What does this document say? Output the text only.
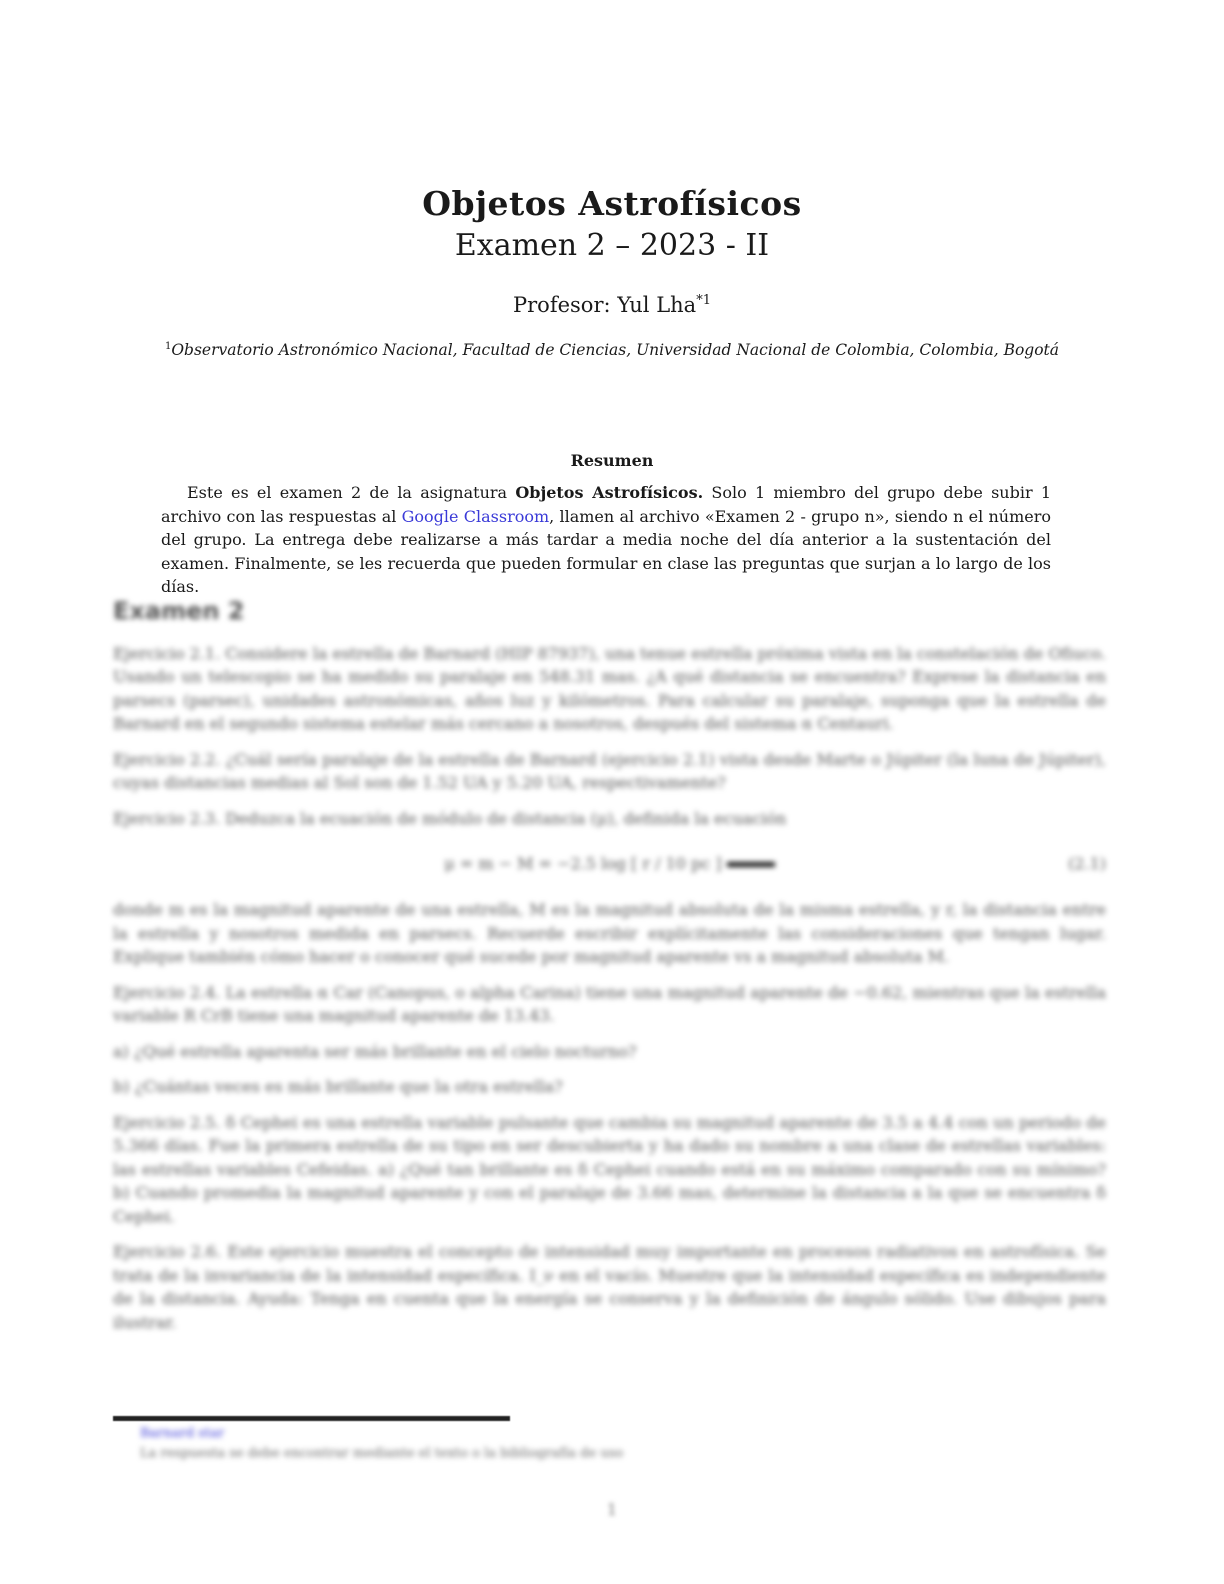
Objetos Astrofísicos
Examen 2 – 2023 - II
Profesor: Yul Lha$^{*1}$
$^1$Observatorio Astronómico Nacional, Facultad de Ciencias, Universidad Nacional de Colombia, Colombia, Bogotá
Resumen
Este es el examen 2 de la asignatura Objetos Astrofísicos. Solo 1 miembro del grupo debe subir 1 archivo con las respuestas al Google Classroom, llamen al archivo «Examen 2 - grupo n», siendo n el número del grupo. La entrega debe realizarse a más tardar a media noche del día anterior a la sustentación del examen. Finalmente, se les recuerda que pueden formular en clase las preguntas que surjan a lo largo de los días.
Examen 2

Ejercicio 2.1. Considere la estrella de Barnard (HIP 87937), una tenue estrella próxima vista en la constelación de Ofiuco. Usando un telescopio se ha medido su paralaje en 548.31 mas. ¿A qué distancia se encuentra? Exprese la distancia en parsecs (parsec), unidades astronómicas, años luz y kilómetros. Para calcular su paralaje, suponga que la estrella de Barnard en el segundo sistema estelar más cercano a nosotros, después del sistema α Centauri.

Ejercicio 2.2. ¿Cuál sería paralaje de la estrella de Barnard (ejercicio 2.1) vista desde Marte o Júpiter (la luna de Júpiter), cuyas distancias medias al Sol son de 1.52 UA y 5.20 UA, respectivamente?

Ejercicio 2.3. Deduzca la ecuación de módulo de distancia (μ), definida la ecuación

μ = m − M = −2.5 log [ r / 10 pc ]	(2.1)

donde m es la magnitud aparente de una estrella, M es la magnitud absoluta de la misma estrella, y r, la distancia entre la estrella y nosotros medida en parsecs. Recuerde escribir explícitamente las consideraciones que tengan lugar. Explique también cómo hacer o conocer qué sucede por magnitud aparente vs a magnitud absoluta M.

Ejercicio 2.4. La estrella α Car (Canopus, o alpha Carina) tiene una magnitud aparente de −0.62, mientras que la estrella variable R CrB tiene una magnitud aparente de 13.43.

a) ¿Qué estrella aparenta ser más brillante en el cielo nocturno?

b) ¿Cuántas veces es más brillante que la otra estrella?

Ejercicio 2.5. δ Cephei es una estrella variable pulsante que cambia su magnitud aparente de 3.5 a 4.4 con un periodo de 5.366 días. Fue la primera estrella de su tipo en ser descubierta y ha dado su nombre a una clase de estrellas variables: las estrellas variables Cefeidas. a) ¿Qué tan brillante es δ Cephei cuando está en su máximo comparado con su mínimo? b) Cuando promedia la magnitud aparente y con el paralaje de 3.66 mas, determine la distancia a la que se encuentra δ Cephei.

Ejercicio 2.6. Este ejercicio muestra el concepto de intensidad muy importante en procesos radiativos en astrofísica. Se trata de la invariancia de la intensidad específica. I_ν en el vacío. Muestre que la intensidad específica es independiente de la distancia. Ayuda: Tenga en cuenta que la energía se conserva y la definición de ángulo sólido. Use dibujos para ilustrar.

Barnard star
La respuesta se debe encontrar mediante el texto o la bibliografía de uso
1
